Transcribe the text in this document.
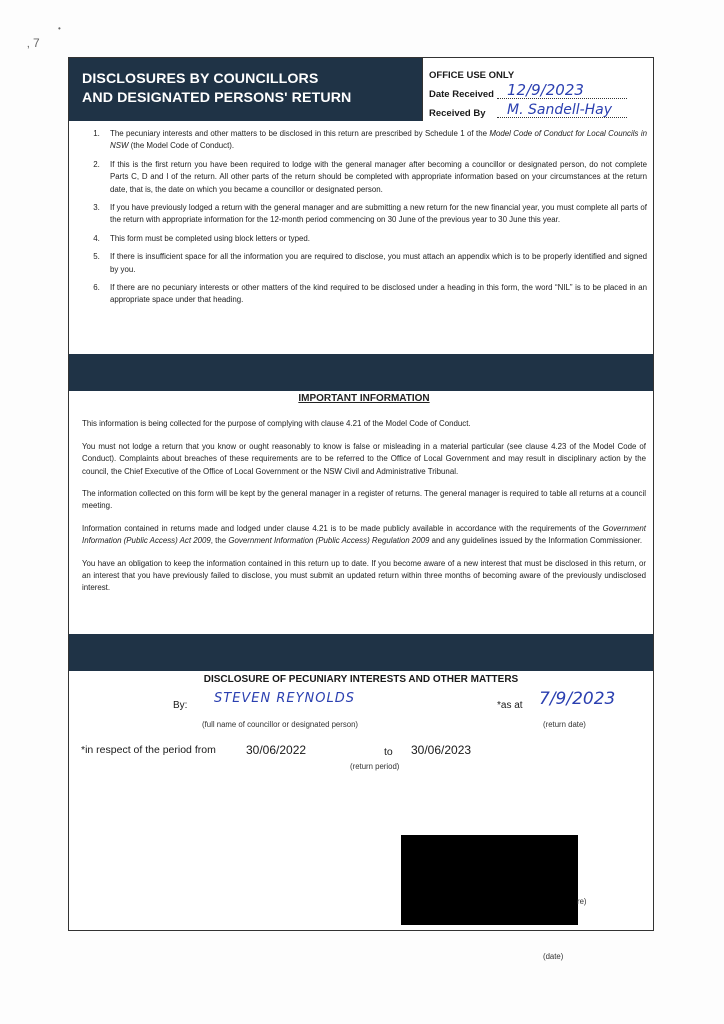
‚ 7
•
DISCLOSURES BY COUNCILLORS
AND DESIGNATED PERSONS' RETURN
OFFICE USE ONLY
Date Received 12/9/2023
Received By M. Sandell-Hay
1. The pecuniary interests and other matters to be disclosed in this return are prescribed by Schedule 1 of the Model Code of Conduct for Local Councils in NSW (the Model Code of Conduct).
2. If this is the first return you have been required to lodge with the general manager after becoming a councillor or designated person, do not complete Parts C, D and I of the return. All other parts of the return should be completed with appropriate information based on your circumstances at the return date, that is, the date on which you became a councillor or designated person.
3. If you have previously lodged a return with the general manager and are submitting a new return for the new financial year, you must complete all parts of the return with appropriate information for the 12-month period commencing on 30 June of the previous year to 30 June this year.
4. This form must be completed using block letters or typed.
5. If there is insufficient space for all the information you are required to disclose, you must attach an appendix which is to be properly identified and signed by you.
6. If there are no pecuniary interests or other matters of the kind required to be disclosed under a heading in this form, the word “NIL” is to be placed in an appropriate space under that heading.
IMPORTANT INFORMATION

This information is being collected for the purpose of complying with clause 4.21 of the Model Code of Conduct.

You must not lodge a return that you know or ought reasonably to know is false or misleading in a material particular (see clause 4.23 of the Model Code of Conduct). Complaints about breaches of these requirements are to be referred to the Office of Local Government and may result in disciplinary action by the council, the Chief Executive of the Office of Local Government or the NSW Civil and Administrative Tribunal.

The information collected on this form will be kept by the general manager in a register of returns. The general manager is required to table all returns at a council meeting.

Information contained in returns made and lodged under clause 4.21 is to be made publicly available in accordance with the requirements of the Government Information (Public Access) Act 2009, the Government Information (Public Access) Regulation 2009 and any guidelines issued by the Information Commissioner.

You have an obligation to keep the information contained in this return up to date. If you become aware of a new interest that must be disclosed in this return, or an interest that you have previously failed to disclose, you must submit an updated return within three months of becoming aware of the previously undisclosed interest.

DISCLOSURE OF PECUNIARY INTERESTS AND OTHER MATTERS
By: STEVEN REYNOLDS	*as at 7/9/2023
(full name of councillor or designated person)	(return date)
*in respect of the period from	30/06/2022	to 30/06/2023
(return period)
re)
(date)
